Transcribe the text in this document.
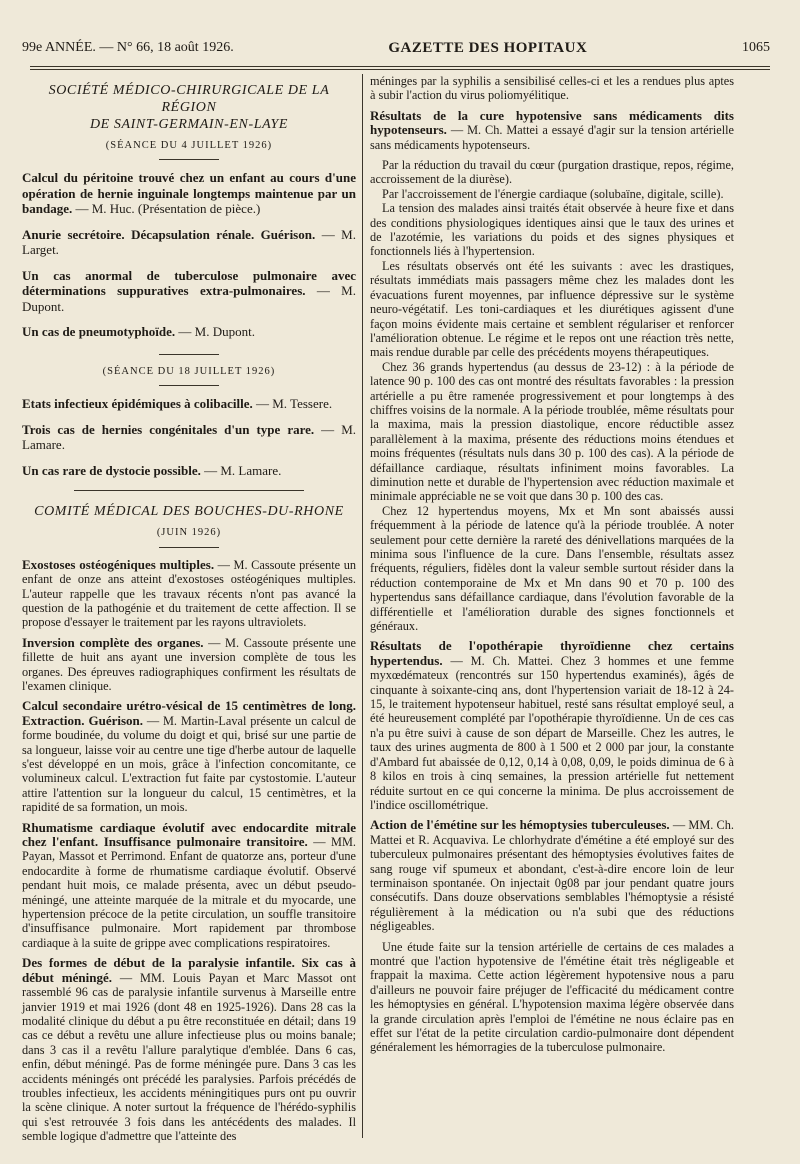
99e ANNÉE. — N° 66, 18 août 1926.	GAZETTE DES HOPITAUX	1065
SOCIÉTÉ MÉDICO-CHIRURGICALE DE LA RÉGION
DE SAINT-GERMAIN-EN-LAYE
(SÉANCE DU 4 JUILLET 1926)
Calcul du péritoine trouvé chez un enfant au cours d'une opération de hernie inguinale longtemps maintenue par un bandage. — M. Huc. (Présentation de pièce.)
Anurie secrétoire. Décapsulation rénale. Guérison. — M. Larget.
Un cas anormal de tuberculose pulmonaire avec déterminations suppuratives extra-pulmonaires. — M. Dupont.
Un cas de pneumotyphoïde. — M. Dupont.
(SÉANCE DU 18 JUILLET 1926)
Etats infectieux épidémiques à colibacille. — M. Tessere.
Trois cas de hernies congénitales d'un type rare. — M. Lamare.
Un cas rare de dystocie possible. — M. Lamare.
COMITÉ MÉDICAL DES BOUCHES-DU-RHONE
(JUIN 1926)
Exostoses ostéogéniques multiples. — M. Cassoute présente un enfant de onze ans atteint d'exostoses ostéogéniques multiples. L'auteur rappelle que les travaux récents n'ont pas avancé la question de la pathogénie et du traitement de cette affection. Il se propose d'essayer le traitement par les rayons ultraviolets.
Inversion complète des organes. — M. Cassoute présente une fillette de huit ans ayant une inversion complète de tous les organes. Des épreuves radiographiques confirment les résultats de l'examen clinique.
Calcul secondaire urétro-vésical de 15 centimètres de long. Extraction. Guérison. — M. Martin-Laval présente un calcul de forme boudinée, du volume du doigt et qui, brisé sur une partie de sa longueur, laisse voir au centre une tige d'herbe autour de laquelle s'est développé en un mois, grâce à l'infection concomitante, ce volumineux calcul. L'extraction fut faite par cystostomie. L'auteur attire l'attention sur la longueur du calcul, 15 centimètres, et la rapidité de sa formation, un mois.
Rhumatisme cardiaque évolutif avec endocardite mitrale chez l'enfant. Insuffisance pulmonaire transitoire. — MM. Payan, Massot et Perrimond. Enfant de quatorze ans, porteur d'une endocardite à forme de rhumatisme cardiaque évolutif. Observé pendant huit mois, ce malade présenta, avec un début pseudo-méningé, une atteinte marquée de la mitrale et du myocarde, une hypertension précoce de la petite circulation, un souffle transitoire d'insuffisance pulmonaire. Mort rapidement par thrombose cardiaque à la suite de grippe avec complications respiratoires.
Des formes de début de la paralysie infantile. Six cas à début méningé. — MM. Louis Payan et Marc Massot ont rassemblé 96 cas de paralysie infantile survenus à Marseille entre janvier 1919 et mai 1926 (dont 48 en 1925-1926). Dans 28 cas la modalité clinique du début a pu être reconstituée en détail; dans 19 cas ce début a revêtu une allure infectieuse plus ou moins banale; dans 3 cas il a revêtu l'allure paralytique d'emblée. Dans 6 cas, enfin, début méningé. Pas de forme méningée pure. Dans 3 cas les accidents méningés ont précédé les paralysies. Parfois précédés de troubles infectieux, les accidents méningitiques purs ont pu ouvrir la scène clinique. A noter surtout la fréquence de l'hérédo-syphilis qui s'est retrouvée 3 fois dans les antécédents des malades. Il semble logique d'admettre que l'atteinte des

méninges par la syphilis a sensibilisé celles-ci et les a rendues plus aptes à subir l'action du virus poliomyélitique.

Résultats de la cure hypotensive sans médicaments dits hypotenseurs. — M. Ch. Mattei a essayé d'agir sur la tension artérielle sans médicaments hypotenseurs.

Par la réduction du travail du cœur (purgation drastique, repos, régime, accroissement de la diurèse).

Par l'accroissement de l'énergie cardiaque (solubaïne, digitale, scille).

La tension des malades ainsi traités était observée à heure fixe et dans des conditions physiologiques identiques ainsi que le taux des urines et de l'azotémie, les variations du poids et des signes physiques et fonctionnels liés à l'hypertension.

Les résultats observés ont été les suivants : avec les drastiques, résultats immédiats mais passagers même chez les malades dont les évacuations furent moyennes, par influence dépressive sur le système neuro-végétatif. Les toni-cardiaques et les diurétiques agissent d'une façon moins évidente mais certaine et semblent régulariser et renforcer l'amélioration obtenue. Le régime et le repos ont une réaction très nette, mais rendue durable par celle des précédents moyens thérapeutiques.

Chez 36 grands hypertendus (au dessus de 23-12) : à la période de latence 90 p. 100 des cas ont montré des résultats favorables : la pression artérielle a pu être ramenée progressivement et pour longtemps à des chiffres voisins de la normale. A la période troublée, même résultats pour la maxima, mais la pression diastolique, encore réductible assez parallèlement à la maxima, présente des réductions moins étendues et moins fréquentes (résultats nuls dans 30 p. 100 des cas). A la période de défaillance cardiaque, résultats infiniment moins favorables. La diminution nette et durable de l'hypertension avec réduction maximale et minimale appréciable ne se voit que dans 30 p. 100 des cas.

Chez 12 hypertendus moyens, Mx et Mn sont abaissés aussi fréquemment à la période de latence qu'à la période troublée. A noter seulement pour cette dernière la rareté des dénivellations marquées de la minima sous l'influence de la cure. Dans l'ensemble, résultats assez fréquents, réguliers, fidèles dont la valeur semble surtout résider dans la réduction contemporaine de Mx et Mn dans 90 et 70 p. 100 des hypertendus sans défaillance cardiaque, dans l'évolution favorable de la différentielle et l'amélioration durable des signes fonctionnels et généraux.

Résultats de l'opothérapie thyroïdienne chez certains hypertendus. — M. Ch. Mattei. Chez 3 hommes et une femme myxœdémateux (rencontrés sur 150 hypertendus examinés), âgés de cinquante à soixante-cinq ans, dont l'hypertension variait de 18-12 à 24-15, le traitement hypotenseur habituel, resté sans résultat employé seul, a été heureusement complété par l'opothérapie thyroïdienne. Un de ces cas n'a pu être suivi à cause de son départ de Marseille. Chez les autres, le taux des urines augmenta de 800 à 1 500 et 2 000 par jour, la constante d'Ambard fut abaissée de 0,12, 0,14 à 0,08, 0,09, le poids diminua de 6 à 8 kilos en trois à cinq semaines, la pression artérielle fut nettement réduite surtout en ce qui concerne la minima. De plus accroissement de l'indice oscillométrique.
Action de l'émétine sur les hémoptysies tuberculeuses. — MM. Ch. Mattei et R. Acquaviva. Le chlorhydrate d'émétine a été employé sur des tuberculeux pulmonaires présentant des hémoptysies évolutives faites de sang rouge vif spumeux et abondant, c'est-à-dire encore loin de leur terminaison spontanée. On injectait 0g08 par jour pendant quatre jours consécutifs. Dans douze observations semblables l'hémoptysie a résisté régulièrement à la médication ou n'a subi que des réductions négligeables.

Une étude faite sur la tension artérielle de certains de ces malades a montré que l'action hypotensive de l'émétine était très négligeable et frappait la maxima. Cette action légèrement hypotensive nous a paru d'ailleurs ne pouvoir faire préjuger de l'efficacité du médicament contre les hémoptysies en général. L'hypotension maxima légère observée dans la grande circulation après l'emploi de l'émétine ne nous éclaire pas en effet sur l'état de la petite circulation cardio-pulmonaire dont dépendent généralement les hémorragies de la tuberculose pulmonaire.
